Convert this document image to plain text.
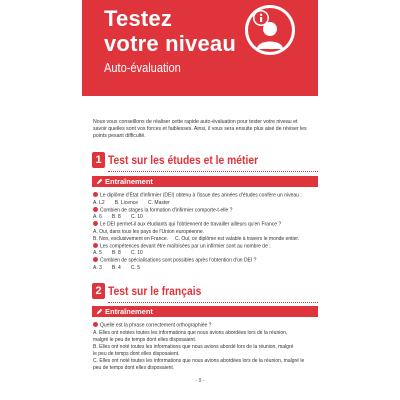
Testez
votre niveau
Auto-évaluation
Nous vous conseillons de réaliser cette rapide auto-évaluation pour tester votre niveau et
savoir quelles sont vos forces et faiblesses. Ainsi, il vous sera ensuite plus aisé de réviser les
points pesant difficulté.
1 Test sur les études et le métier
Entraînement
Le diplôme d'État d'infirmier (DEI) obtenu à l'issue des années d'études confère un niveau :
A. L2 B. Licence C. Master
Combien de stages la formation d'infirmier comporte-t-elle ?
A. 6 B. 8 C. 10
Le DEI permet-il aux étudiants qui l'obtiennent de travailler ailleurs qu'en France ?
A. Oui, dans tous les pays de l'Union européenne.
B. Non, exclusivement en France.     C. Oui, ce diplôme est valable à travers le monde entier.
Les compétences devant être maîtrisées par un infirmier sont au nombre de :
A. 5 B. 8 C. 10
Combien de spécialisations sont possibles après l'obtention d'un DEI ?
A. 3 B. 4 C. 5
2 Test sur le français
Entraînement
Quelle est la phrase correctement orthographiée ?
A. Elles ont notées toutes les informations que nous avions abordées lors de la réunion,
malgré le peu de temps dont elles disposaient.
B. Elles ont noté toutes les informations que nous avions abordé lors de la réunion, malgré
le peu de temps dont elles disposaient.
C. Elles ont noté toutes les informations que nous avions abordées lors de la réunion, malgré le
peu de temps dont elles disposaient.
- 9 -
